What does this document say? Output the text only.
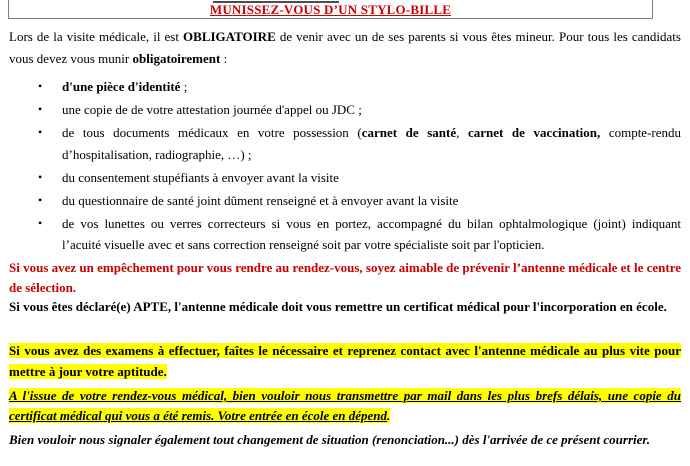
MUNISSEZ-VOUS D’UN STYLO-BILLE

Lors de la visite médicale, il est OBLIGATOIRE de venir avec un de ses parents si vous êtes mineur. Pour tous les candidats vous devez vous munir obligatoirement :

• d'une pièce d'identité ;
• une copie de de votre attestation journée d'appel ou JDC ;
• de tous documents médicaux en votre possession (carnet de santé, carnet de vaccination, compte-rendu d’hospitalisation, radiographie, …) ;
• du consentement stupéfiants à envoyer avant la visite
• du questionnaire de santé joint dûment renseigné et à envoyer avant la visite
• de vos lunettes ou verres correcteurs si vous en portez, accompagné du bilan ophtalmologique (joint) indiquant l’acuité visuelle avec et sans correction renseigné soit par votre spécialiste soit par l'opticien.

Si vous avez un empêchement pour vous rendre au rendez-vous, soyez aimable de prévenir l’antenne médicale et le centre de sélection.

Si vous êtes déclaré(e) APTE, l'antenne médicale doit vous remettre un certificat médical pour l'incorporation en école.

Si vous avez des examens à effectuer, faîtes le nécessaire et reprenez contact avec l'antenne médicale au plus vite pour mettre à jour votre aptitude.

A l'issue de votre rendez-vous médical, bien vouloir nous transmettre par mail dans les plus brefs délais, une copie du certificat médical qui vous a été remis. Votre entrée en école en dépend.

Bien vouloir nous signaler également tout changement de situation (renonciation...) dès l'arrivée de ce présent courrier.
